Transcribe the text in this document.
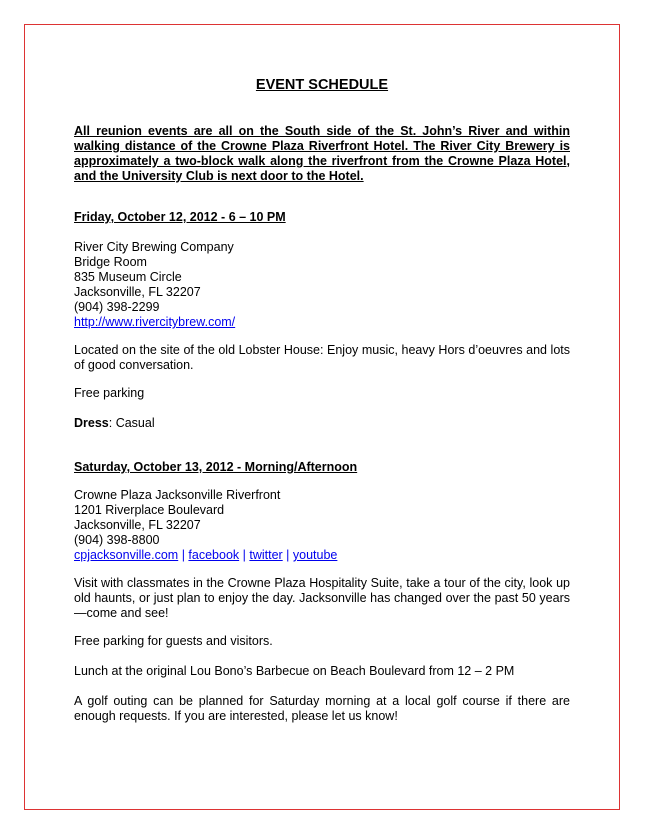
EVENT SCHEDULE
All reunion events are all on the South side of the St. John’s River and within walking distance of the Crowne Plaza Riverfront Hotel. The River City Brewery is approximately a two-block walk along the riverfront from the Crowne Plaza Hotel, and the University Club is next door to the Hotel.
Friday, October 12, 2012 - 6 – 10 PM
River City Brewing Company
Bridge Room
835 Museum Circle
Jacksonville, FL 32207
(904) 398-2299
http://www.rivercitybrew.com/
Located on the site of the old Lobster House: Enjoy music, heavy Hors d’oeuvres and lots of good conversation.
Free parking
Dress: Casual
Saturday, October 13, 2012 - Morning/Afternoon
Crowne Plaza Jacksonville Riverfront
1201 Riverplace Boulevard
Jacksonville, FL 32207
(904) 398-8800
cpjacksonville.com | facebook | twitter | youtube
Visit with classmates in the Crowne Plaza Hospitality Suite, take a tour of the city, look up old haunts, or just plan to enjoy the day. Jacksonville has changed over the past 50 years—come and see!
Free parking for guests and visitors.
Lunch at the original Lou Bono’s Barbecue on Beach Boulevard from 12 – 2 PM
A golf outing can be planned for Saturday morning at a local golf course if there are enough requests. If you are interested, please let us know!
